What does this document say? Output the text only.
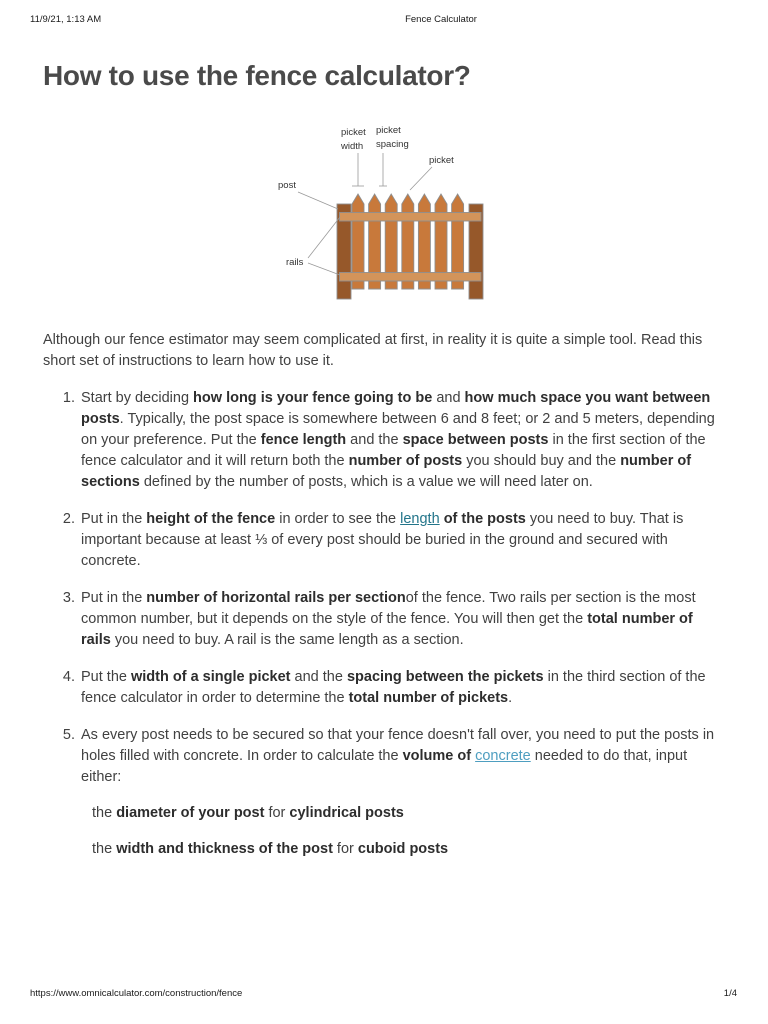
11/9/21, 1:13 AM	Fence Calculator
How to use the fence calculator?
picket
width
picket
spacing
picket
post
rails

Although our fence estimator may seem complicated at first, in reality it is quite a simple tool. Read this short set of instructions to learn how to use it.

1. Start by deciding how long is your fence going to be and how much space you want between posts. Typically, the post space is somewhere between 6 and 8 feet; or 2 and 5 meters, depending on your preference. Put the fence length and the space between posts in the first section of the fence calculator and it will return both the number of posts you should buy and the number of sections defined by the number of posts, which is a value we will need later on.
2. Put in the height of the fence in order to see the length of the posts you need to buy. That is important because at least ⅓ of every post should be buried in the ground and secured with concrete.
3. Put in the number of horizontal rails per sectionof the fence. Two rails per section is the most common number, but it depends on the style of the fence. You will then get the total number of rails you need to buy. A rail is the same length as a section.
4. Put the width of a single picket and the spacing between the pickets in the third section of the fence calculator in order to determine the total number of pickets.
5. As every post needs to be secured so that your fence doesn't fall over, you need to put the posts in holes filled with concrete. In order to calculate the volume of concrete needed to do that, input either:

the diameter of your post for cylindrical posts

the width and thickness of the post for cuboid posts

https://www.omnicalculator.com/construction/fence	1/4
